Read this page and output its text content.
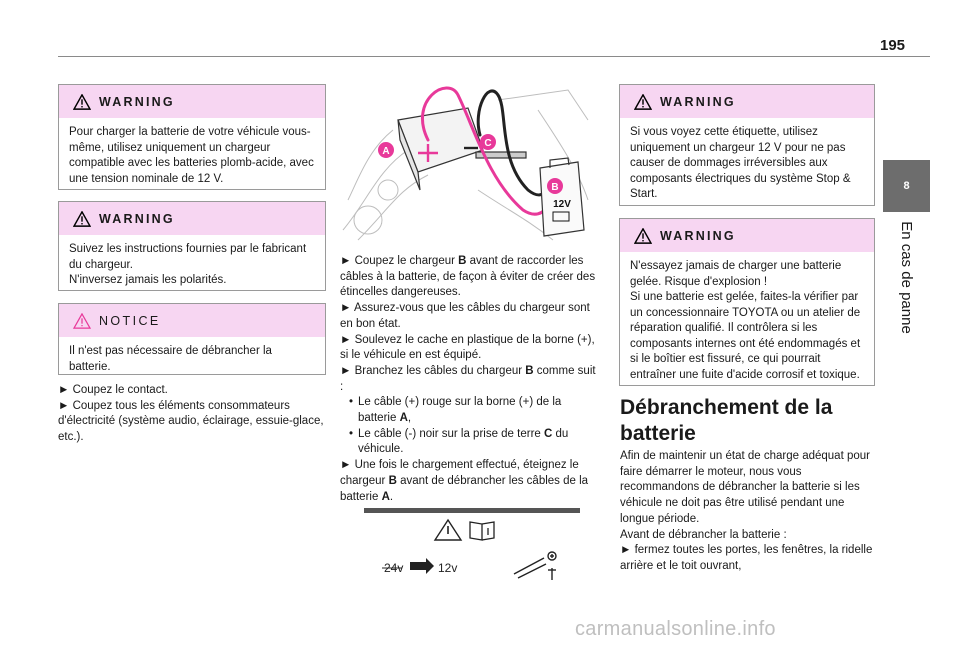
195
8
En cas de panne
WARNING
Pour charger la batterie de votre véhicule vous-même, utilisez uniquement un chargeur compatible avec les batteries plomb-acide, avec une tension nominale de 12 V.
WARNING

Suivez les instructions fournies par le fabricant du chargeur.

N'inversez jamais les polarités.

NOTICE
Il n'est pas nécessaire de débrancher la batterie.

► Coupez le contact.

► Coupez tous les éléments consommateurs d'électricité (système audio, éclairage, essuie-glace, etc.).

A
C
B
12V

► Coupez le chargeur B avant de raccorder les câbles à la batterie, de façon à éviter de créer des étincelles dangereuses.

► Assurez-vous que les câbles du chargeur sont en bon état.

► Soulevez le cache en plastique de la borne (+), si le véhicule en est équipé.

► Branchez les câbles du chargeur B comme suit :

• Le câble (+) rouge sur la borne (+) de la batterie A,

• Le câble (-) noir sur la prise de terre C du véhicule.

► Une fois le chargement effectué, éteignez le chargeur B avant de débrancher les câbles de la batterie A.

24v	12v
WARNING
Si vous voyez cette étiquette, utilisez uniquement un chargeur 12 V pour ne pas causer de dommages irréversibles aux composants électriques du système Stop & Start.
WARNING

N'essayez jamais de charger une batterie gelée. Risque d'explosion !

Si une batterie est gelée, faites-la vérifier par un concessionnaire TOYOTA ou un atelier de réparation qualifié. Il contrôlera si les composants internes ont été endommagés et si le boîtier est fissuré, ce qui pourrait entraîner une fuite d'acide corrosif et toxique.

Débranchement de la batterie

Afin de maintenir un état de charge adéquat pour faire démarrer le moteur, nous vous recommandons de débrancher la batterie si les véhicule ne doit pas être utilisé pendant une longue période.

Avant de débrancher la batterie :

► fermez toutes les portes, les fenêtres, la ridelle arrière et le toit ouvrant,

carmanualsonline.info
